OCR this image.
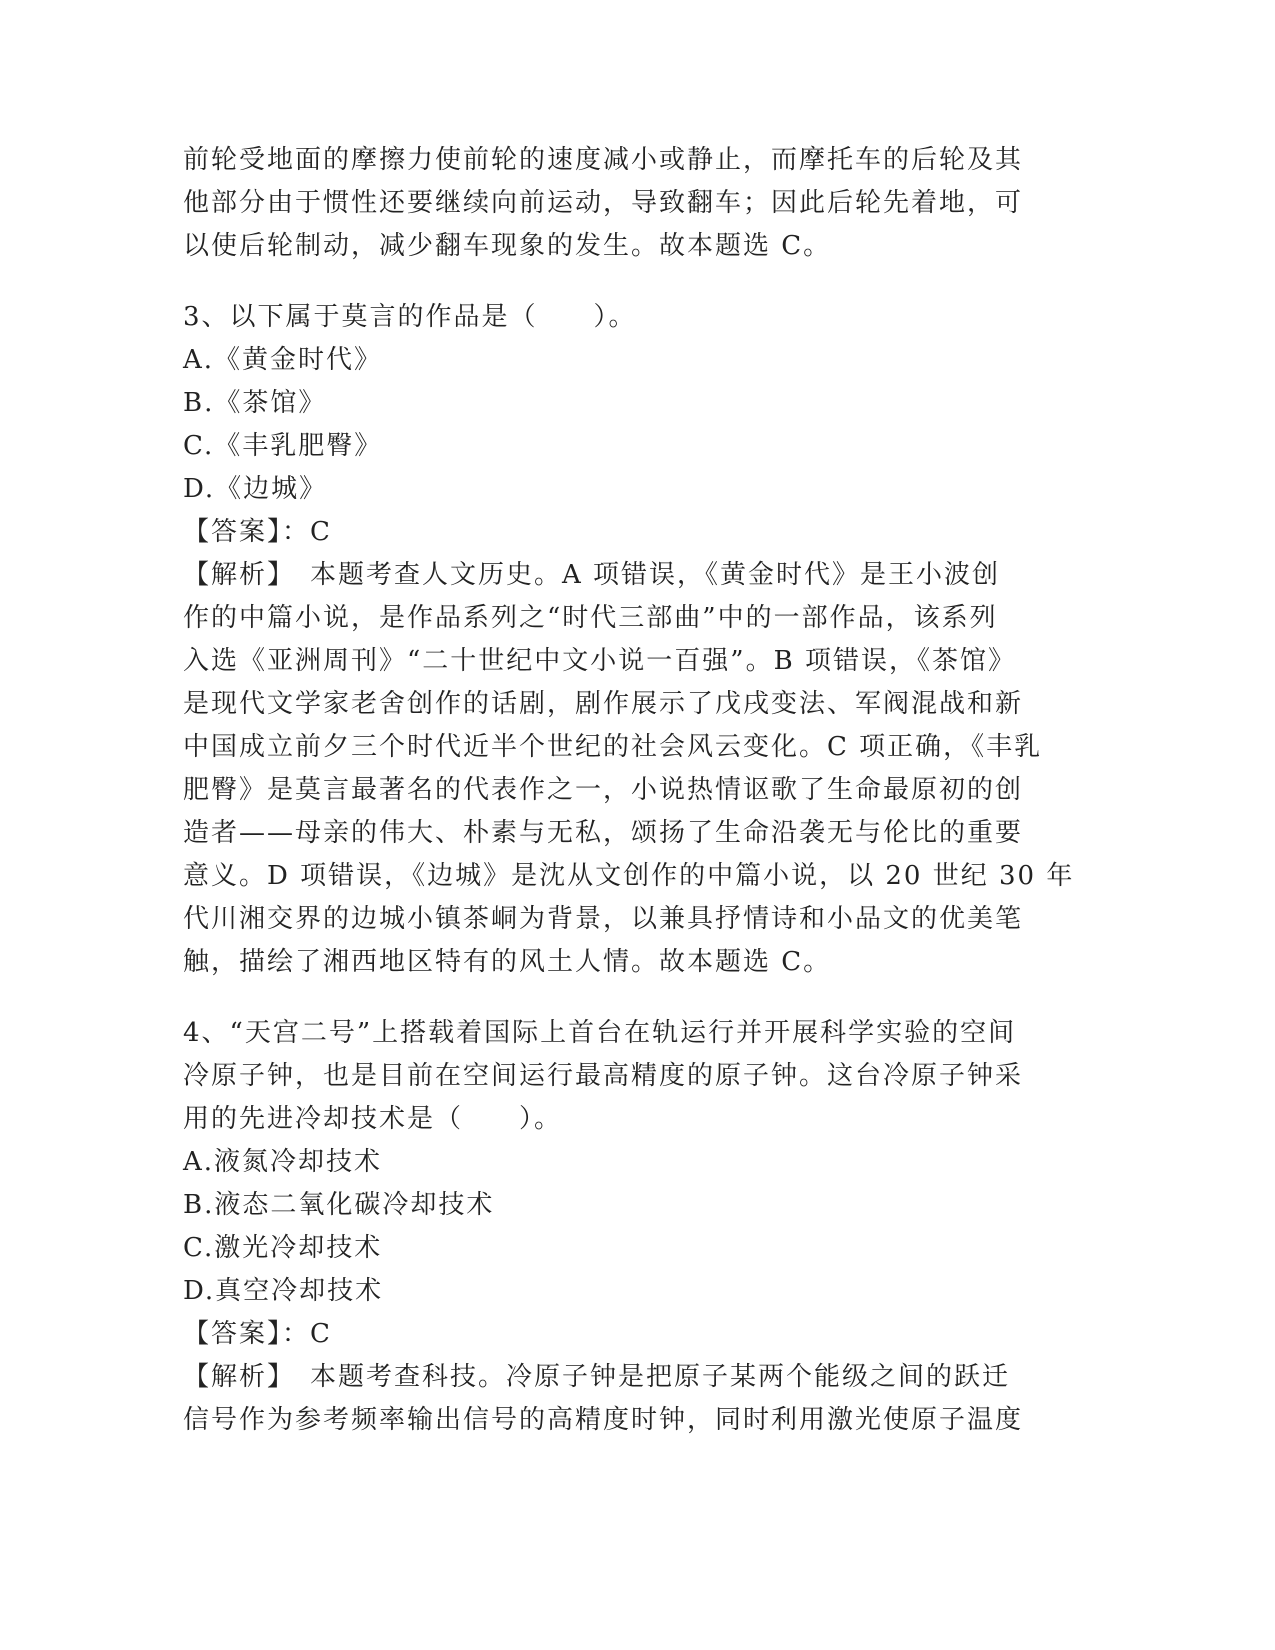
前轮受地面的摩擦力使前轮的速度减小或静止，而摩托车的后轮及其
他部分由于惯性还要继续向前运动，导致翻车；因此后轮先着地，可
以使后轮制动，减少翻车现象的发生。故本题选 C。

3、以下属于莫言的作品是（　　）。

A.《黄金时代》
B.《茶馆》
C.《丰乳肥臀》
D.《边城》
【答案】：C

【解析】　本题考查人文历史。A 项错误，《黄金时代》是王小波创
作的中篇小说，是作品系列之“时代三部曲”中的一部作品，该系列
入选《亚洲周刊》“二十世纪中文小说一百强”。B 项错误，《茶馆》
是现代文学家老舍创作的话剧，剧作展示了戊戌变法、军阀混战和新
中国成立前夕三个时代近半个世纪的社会风云变化。C 项正确，《丰乳
肥臀》是莫言最著名的代表作之一，小说热情讴歌了生命最原初的创
造者——母亲的伟大、朴素与无私，颂扬了生命沿袭无与伦比的重要
意义。D 项错误，《边城》是沈从文创作的中篇小说，以 20 世纪 30 年
代川湘交界的边城小镇茶峒为背景，以兼具抒情诗和小品文的优美笔
触，描绘了湘西地区特有的风土人情。故本题选 C。

4、“天宫二号”上搭载着国际上首台在轨运行并开展科学实验的空间
冷原子钟，也是目前在空间运行最高精度的原子钟。这台冷原子钟采
用的先进冷却技术是（　　）。

A.液氮冷却技术
B.液态二氧化碳冷却技术
C.激光冷却技术
D.真空冷却技术
【答案】：C

【解析】　本题考查科技。冷原子钟是把原子某两个能级之间的跃迁
信号作为参考频率输出信号的高精度时钟，同时利用激光使原子温度
